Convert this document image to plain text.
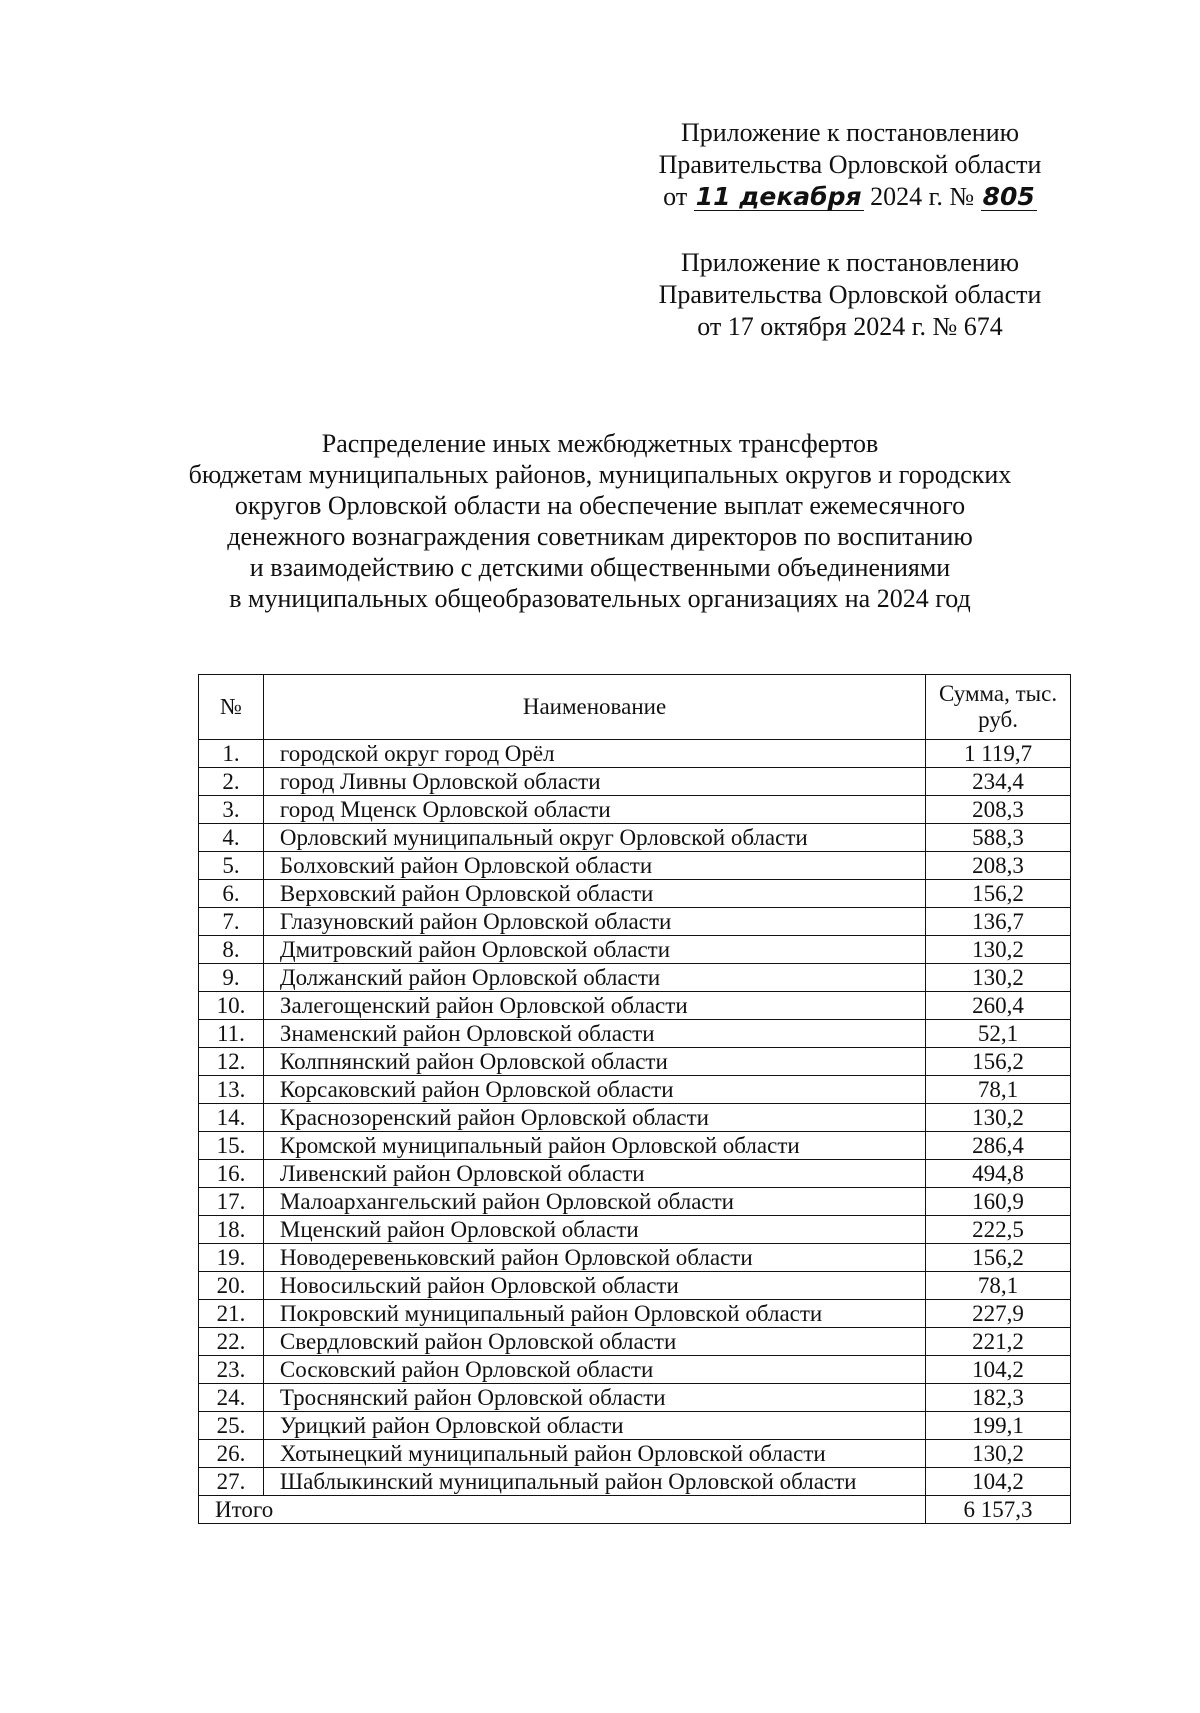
Приложение к постановлению
Правительства Орловской области
от 11 декабря 2024 г. № 805
Приложение к постановлению
Правительства Орловской области
от 17 октября 2024 г. № 674
Распределение иных межбюджетных трансфертов
бюджетам муниципальных районов, муниципальных округов и городских
округов Орловской области на обеспечение выплат ежемесячного
денежного вознаграждения советникам директоров по воспитанию
и взаимодействию с детскими общественными объединениями
в муниципальных общеобразовательных организациях на 2024 год
№	Наименование	Сумма, тыс.
руб.

1.	городской округ город Орёл	1 119,7
2.	город Ливны Орловской области	234,4
3.	город Мценск Орловской области	208,3
4.	Орловский муниципальный округ Орловской области	588,3
5.	Болховский район Орловской области	208,3
6.	Верховский район Орловской области	156,2
7.	Глазуновский район Орловской области	136,7
8.	Дмитровский район Орловской области	130,2
9.	Должанский район Орловской области	130,2
10.	Залегощенский район Орловской области	260,4
11.	Знаменский район Орловской области	52,1
12.	Колпнянский район Орловской области	156,2
13.	Корсаковский район Орловской области	78,1
14.	Краснозоренский район Орловской области	130,2
15.	Кромской муниципальный район Орловской области	286,4
16.	Ливенский район Орловской области	494,8
17.	Малоархангельский район Орловской области	160,9
18.	Мценский район Орловской области	222,5
19.	Новодеревеньковский район Орловской области	156,2
20.	Новосильский район Орловской области	78,1
21.	Покровский муниципальный район Орловской области	227,9
22.	Свердловский район Орловской области	221,2
23.	Сосковский район Орловской области	104,2
24.	Троснянский район Орловской области	182,3
25.	Урицкий район Орловской области	199,1
26.	Хотынецкий муниципальный район Орловской области	130,2
27.	Шаблыкинский муниципальный район Орловской области	104,2
Итого		6 157,3
